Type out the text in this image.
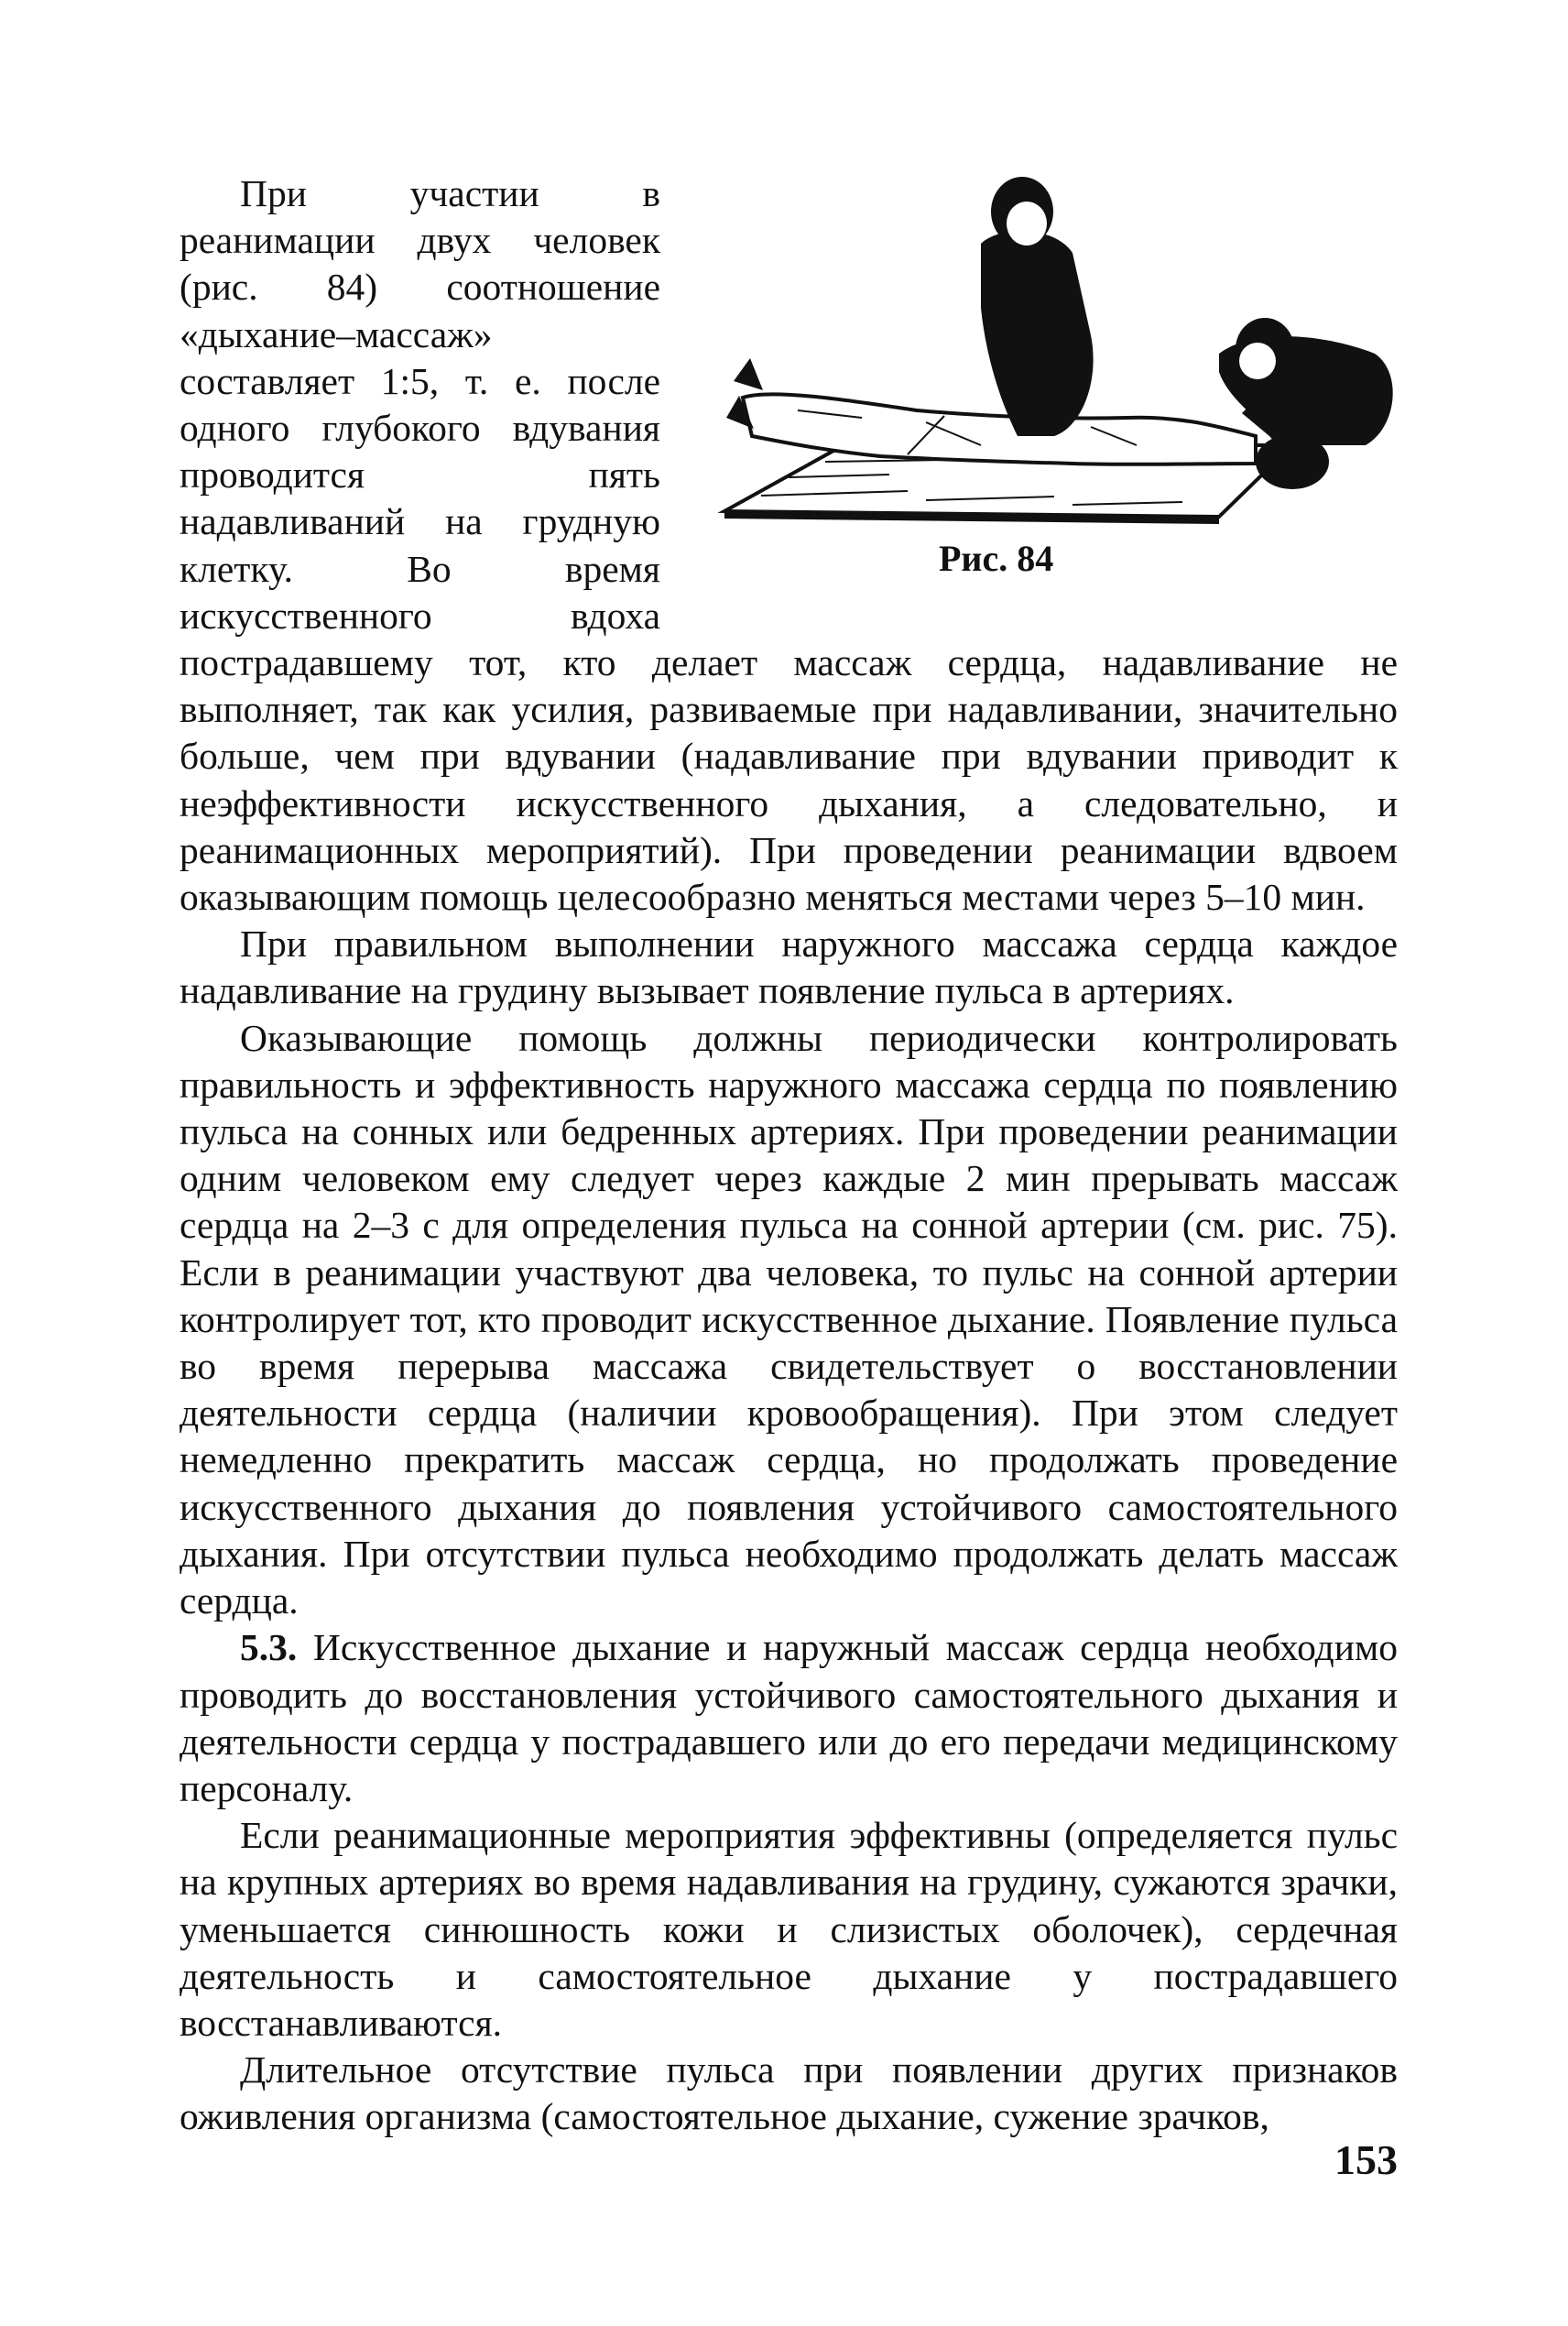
Рис. 84

При участии в реанимации двух человек (рис. 84) соотношение «дыхание–массаж» составляет 1:5, т. е. после одного глубокого вдувания проводится пять надавливаний на грудную клетку. Во время искусственного вдоха пострадавшему тот, кто делает массаж сердца, надавливание не выполняет, так как усилия, развиваемые при надавливании, значительно больше, чем при вдувании (надавливание при вдувании приводит к неэффективности искусственного дыхания, а следовательно, и реанимационных мероприятий). При проведении реанимации вдвоем оказывающим помощь целесообразно меняться местами через 5–10 мин.

При правильном выполнении наружного массажа сердца каждое надавливание на грудину вызывает появление пульса в артериях.

Оказывающие помощь должны периодически контролировать правильность и эффективность наружного массажа сердца по появлению пульса на сонных или бедренных артериях. При проведении реанимации одним человеком ему следует через каждые 2 мин прерывать массаж сердца на 2–3 с для определения пульса на сонной артерии (см. рис. 75). Если в реанимации участвуют два человека, то пульс на сонной артерии контролирует тот, кто проводит искусственное дыхание. Появление пульса во время перерыва массажа свидетельствует о восстановлении деятельности сердца (наличии кровообращения). При этом следует немедленно прекратить массаж сердца, но продолжать проведение искусственного дыхания до появления устойчивого самостоятельного дыхания. При отсутствии пульса необходимо продолжать делать массаж сердца.

5.3. Искусственное дыхание и наружный массаж сердца необходимо проводить до восстановления устойчивого самостоятельного дыхания и деятельности сердца у пострадавшего или до его передачи медицинскому персоналу.

Если реанимационные мероприятия эффективны (определяется пульс на крупных артериях во время надавливания на грудину, сужаются зрачки, уменьшается синюшность кожи и слизистых оболочек), сердечная деятельность и самостоятельное дыхание у пострадавшего восстанавливаются.

Длительное отсутствие пульса при появлении других признаков оживления организма (самостоятельное дыхание, сужение зрачков,

153
